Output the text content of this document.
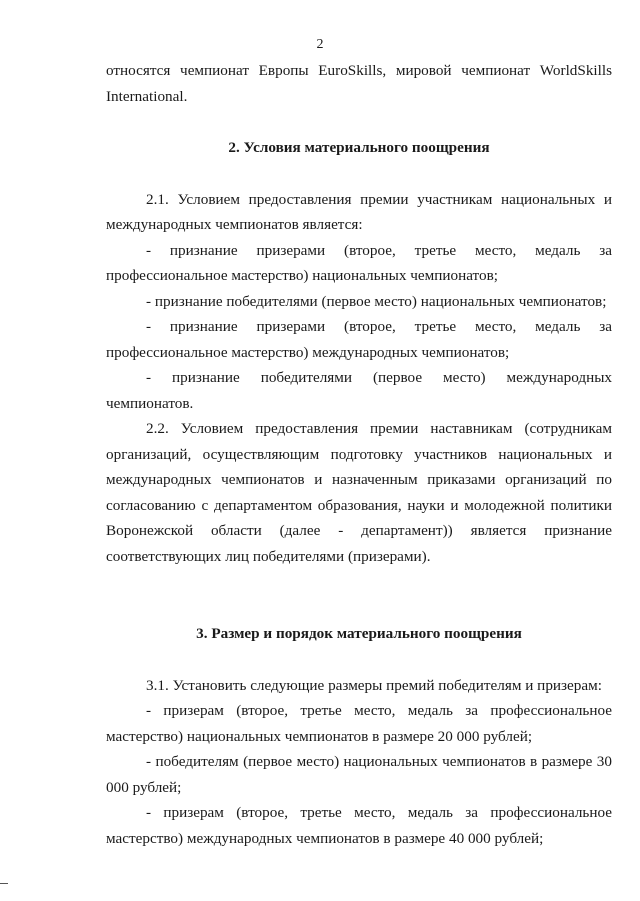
2

относятся чемпионат Европы EuroSkills, мировой чемпионат WorldSkills International.

2. Условия материального поощрения

2.1. Условием предоставления премии участникам национальных и международных чемпионатов является:

- признание призерами (второе, третье место, медаль за профессиональное мастерство) национальных чемпионатов;

- признание победителями (первое место) национальных чемпионатов;

- признание призерами (второе, третье место, медаль за профессиональное мастерство) международных чемпионатов;

- признание победителями (первое место) международных чемпионатов.

2.2. Условием предоставления премии наставникам (сотрудникам организаций, осуществляющим подготовку участников национальных и международных чемпионатов и назначенным приказами организаций по согласованию с департаментом образования, науки и молодежной политики Воронежской области (далее - департамент)) является признание соответствующих лиц победителями (призерами).

3. Размер и порядок материального поощрения

3.1. Установить следующие размеры премий победителям и призерам:

- призерам (второе, третье место, медаль за профессиональное мастерство) национальных чемпионатов в размере 20 000 рублей;

- победителям (первое место) национальных чемпионатов в размере 30 000 рублей;

- призерам (второе, третье место, медаль за профессиональное мастерство) международных чемпионатов в размере 40 000 рублей;
